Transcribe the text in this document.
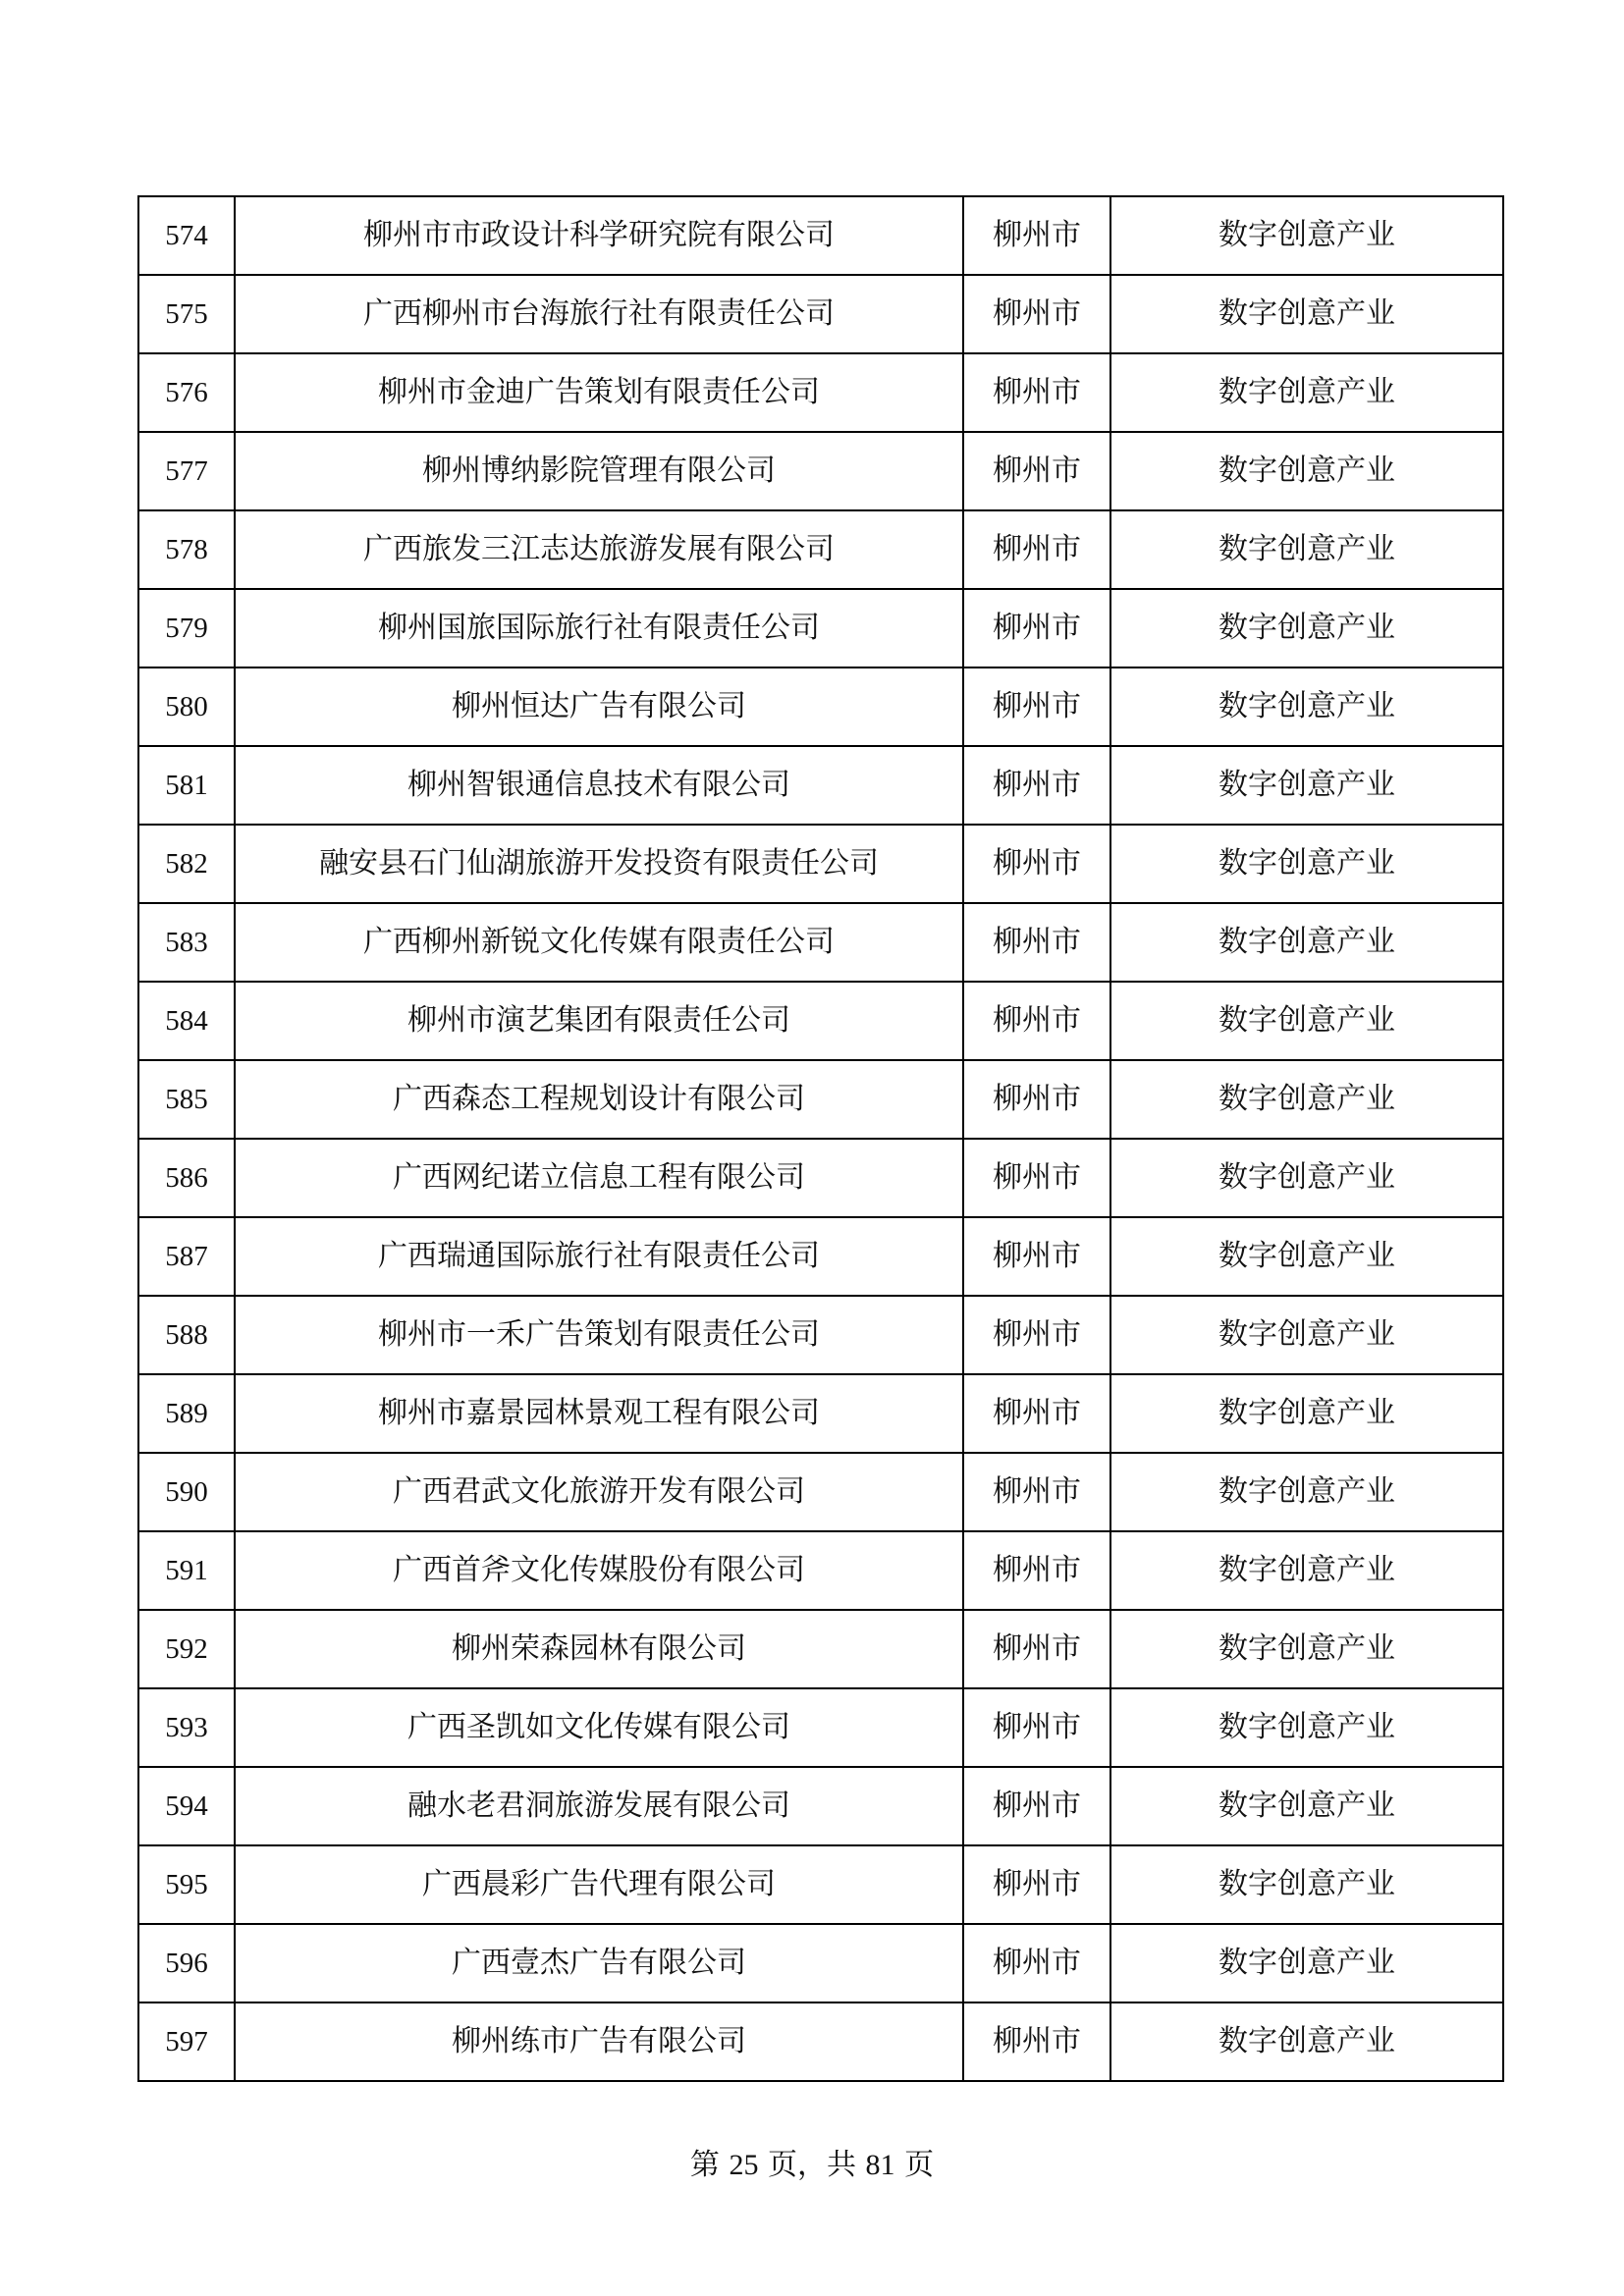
574	柳州市市政设计科学研究院有限公司	柳州市	数字创意产业
575	广西柳州市台海旅行社有限责任公司	柳州市	数字创意产业
576	柳州市金迪广告策划有限责任公司	柳州市	数字创意产业
577	柳州博纳影院管理有限公司	柳州市	数字创意产业
578	广西旅发三江志达旅游发展有限公司	柳州市	数字创意产业
579	柳州国旅国际旅行社有限责任公司	柳州市	数字创意产业
580	柳州恒达广告有限公司	柳州市	数字创意产业
581	柳州智银通信息技术有限公司	柳州市	数字创意产业
582	融安县石门仙湖旅游开发投资有限责任公司	柳州市	数字创意产业
583	广西柳州新锐文化传媒有限责任公司	柳州市	数字创意产业
584	柳州市演艺集团有限责任公司	柳州市	数字创意产业
585	广西森态工程规划设计有限公司	柳州市	数字创意产业
586	广西网纪诺立信息工程有限公司	柳州市	数字创意产业
587	广西瑞通国际旅行社有限责任公司	柳州市	数字创意产业
588	柳州市一禾广告策划有限责任公司	柳州市	数字创意产业
589	柳州市嘉景园林景观工程有限公司	柳州市	数字创意产业
590	广西君武文化旅游开发有限公司	柳州市	数字创意产业
591	广西首斧文化传媒股份有限公司	柳州市	数字创意产业
592	柳州荣森园林有限公司	柳州市	数字创意产业
593	广西圣凯如文化传媒有限公司	柳州市	数字创意产业
594	融水老君洞旅游发展有限公司	柳州市	数字创意产业
595	广西晨彩广告代理有限公司	柳州市	数字创意产业
596	广西壹杰广告有限公司	柳州市	数字创意产业
597	柳州练市广告有限公司	柳州市	数字创意产业
第 25 页，共 81 页
